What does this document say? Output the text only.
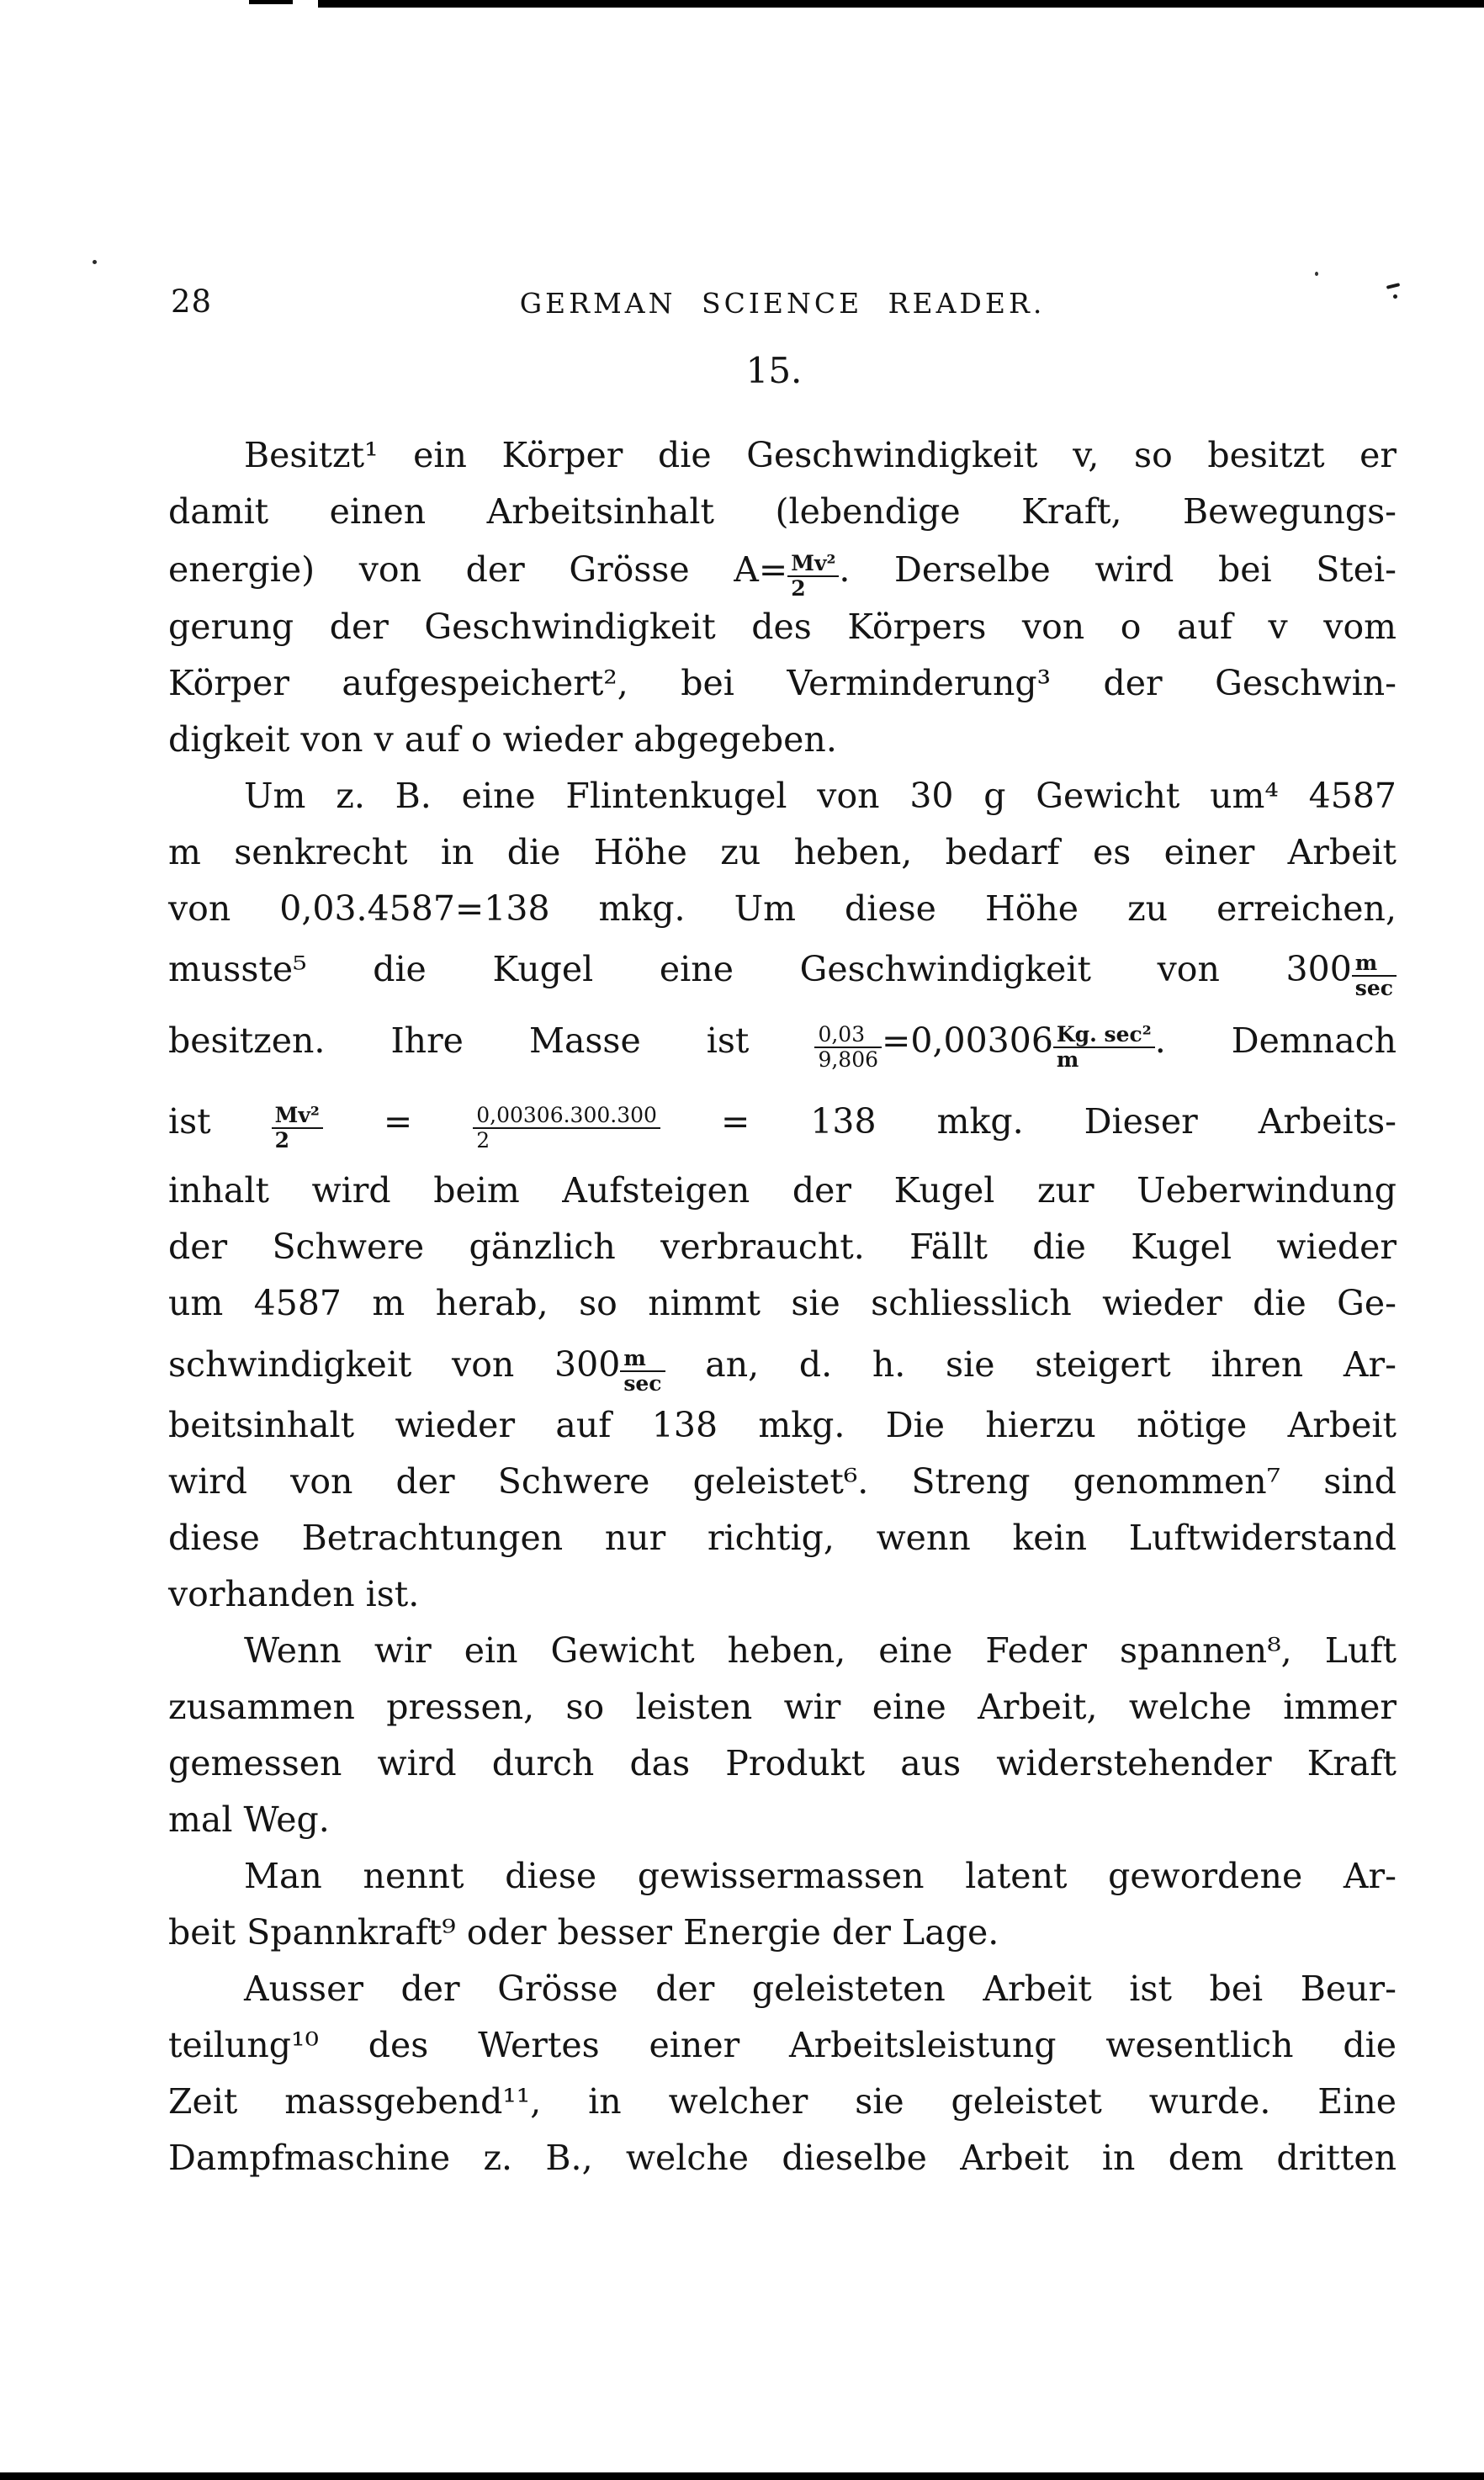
28	GERMAN SCIENCE READER.
15.
Besitzt¹ ein Körper die Geschwindigkeit v, so besitzt er
damit einen Arbeitsinhalt (lebendige Kraft, Bewegungs-
energie) von der Grösse $A= \frac{\text{Mv²}}{2}$ . Derselbe wird bei Stei-
gerung der Geschwindigkeit des Körpers von o auf v vom
Körper aufgespeichert², bei Verminderung³ der Geschwin-
digkeit von v auf o wieder abgegeben.
Um z. B. eine Flintenkugel von 30 g Gewicht um⁴ 4587
m senkrecht in die Höhe zu heben, bedarf es einer Arbeit
von 0,03.4587=138 mkg. Um diese Höhe zu erreichen,
musste⁵ die Kugel eine Geschwindigkeit von $300 \frac{m}{\sec}$
besitzen. Ihre Masse ist $\frac{0,03}{9,806} =0,00306 \frac{\text{Kg. sec²}}{m}$ . Demnach
ist $\frac{\text{Mv²}}{2} = \frac{0,00306.300.300}{2} = 138$ mkg. Dieser Arbeits-
inhalt wird beim Aufsteigen der Kugel zur Ueberwindung
der Schwere gänzlich verbraucht. Fällt die Kugel wieder
um 4587 m herab, so nimmt sie schliesslich wieder die Ge-
schwindigkeit von $300 \frac{m}{\sec}$ an, d. h. sie steigert ihren Ar-
beitsinhalt wieder auf 138 mkg. Die hierzu nötige Arbeit
wird von der Schwere geleistet⁶. Streng genommen⁷ sind
diese Betrachtungen nur richtig, wenn kein Luftwiderstand
vorhanden ist.
Wenn wir ein Gewicht heben, eine Feder spannen⁸, Luft
zusammen pressen, so leisten wir eine Arbeit, welche immer
gemessen wird durch das Produkt aus widerstehender Kraft
mal Weg.
Man nennt diese gewissermassen latent gewordene Ar-
beit Spannkraft⁹ oder besser Energie der Lage.
Ausser der Grösse der geleisteten Arbeit ist bei Beur-
teilung¹⁰ des Wertes einer Arbeitsleistung wesentlich die
Zeit massgebend¹¹, in welcher sie geleistet wurde. Eine
Dampfmaschine z. B., welche dieselbe Arbeit in dem dritten
